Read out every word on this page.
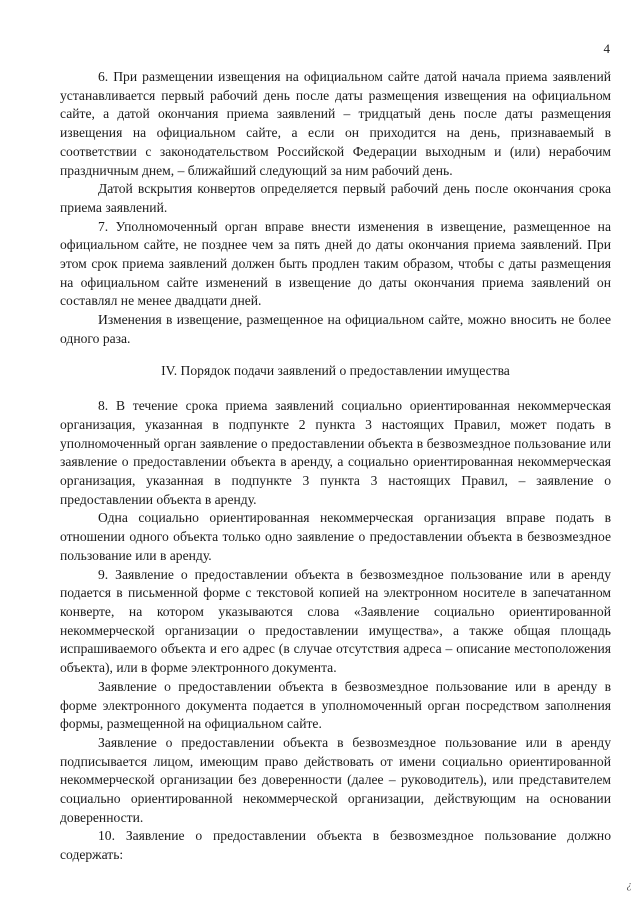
4

6. При размещении извещения на официальном сайте датой начала приема заявлений устанавливается первый рабочий день после даты размещения извещения на официальном сайте, а датой окончания приема заявлений – тридцатый день после даты размещения извещения на официальном сайте, а если он приходится на день, признаваемый в соответствии с законодательством Российской Федерации выходным и (или) нерабочим праздничным днем, – ближайший следующий за ним рабочий день.

Датой вскрытия конвертов определяется первый рабочий день после окончания срока приема заявлений.

7. Уполномоченный орган вправе внести изменения в извещение, размещенное на официальном сайте, не позднее чем за пять дней до даты окончания приема заявлений. При этом срок приема заявлений должен быть продлен таким образом, чтобы с даты размещения на официальном сайте изменений в извещение до даты окончания приема заявлений он составлял не менее двадцати дней.

Изменения в извещение, размещенное на официальном сайте, можно вносить не более одного раза.

IV. Порядок подачи заявлений о предоставлении имущества

8. В течение срока приема заявлений социально ориентированная некоммерческая организация, указанная в подпункте 2 пункта 3 настоящих Правил, может подать в уполномоченный орган заявление о предоставлении объекта в безвозмездное пользование или заявление о предоставлении объекта в аренду, а социально ориентированная некоммерческая организация, указанная в подпункте 3 пункта 3 настоящих Правил, – заявление о предоставлении объекта в аренду.

Одна социально ориентированная некоммерческая организация вправе подать в отношении одного объекта только одно заявление о предоставлении объекта в безвозмездное пользование или в аренду.

9. Заявление о предоставлении объекта в безвозмездное пользование или в аренду подается в письменной форме с текстовой копией на электронном носителе в запечатанном конверте, на котором указываются слова «Заявление социально ориентированной некоммерческой организации о предоставлении имущества», а также общая площадь испрашиваемого объекта и его адрес (в случае отсутствия адреса – описание местоположения объекта), или в форме электронного документа.

Заявление о предоставлении объекта в безвозмездное пользование или в аренду в форме электронного документа подается в уполномоченный орган посредством заполнения формы, размещенной на официальном сайте.

Заявление о предоставлении объекта в безвозмездное пользование или в аренду подписывается лицом, имеющим право действовать от имени социально ориентированной некоммерческой организации без доверенности (далее – руководитель), или представителем социально ориентированной некоммерческой организации, действующим на основании доверенности.

10. Заявление о предоставлении объекта в безвозмездное пользование должно содержать:

¿
